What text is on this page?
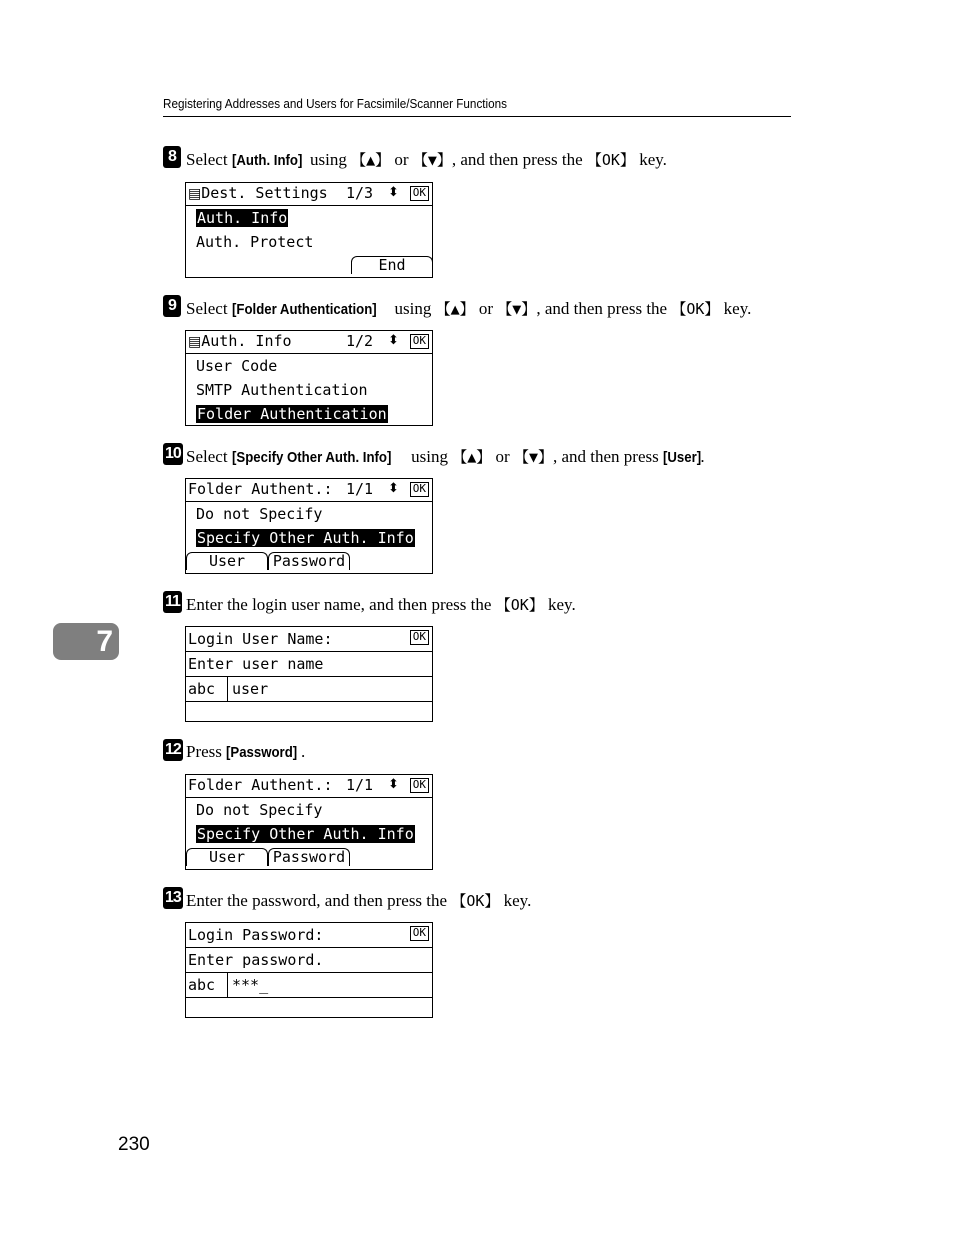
Registering Addresses and Users for Facsimile/Scanner Functions
7
8 Select [Auth. Info] using 【▲】 or 【▼】, and then press the 【OK】 key.
▤Dest. Settings 1/3 ⬍ OK
Auth. Info
Auth. Protect
End
9 Select [Folder Authentication] using 【▲】 or 【▼】, and then press the 【OK】 key.
▤Auth. Info	1/2 ⬍ OK
User Code
SMTP Authentication
Folder Authentication
10 Select [Specify Other Auth. Info] using 【▲】 or 【▼】, and then press [User].
Folder Authent.: 1/1 ⬍ OK
Do not Specify
Specify Other Auth. Info
User	Password
11 Enter the login user name, and then press the 【OK】 key.
Login User Name:	OK
Enter user name
abc	user
12 Press [Password] .
Folder Authent.: 1/1 ⬍ OK
Do not Specify
Specify Other Auth. Info
User	Password
13 Enter the password, and then press the 【OK】 key.
Login Password:	OK
Enter password.
abc	***_
230
